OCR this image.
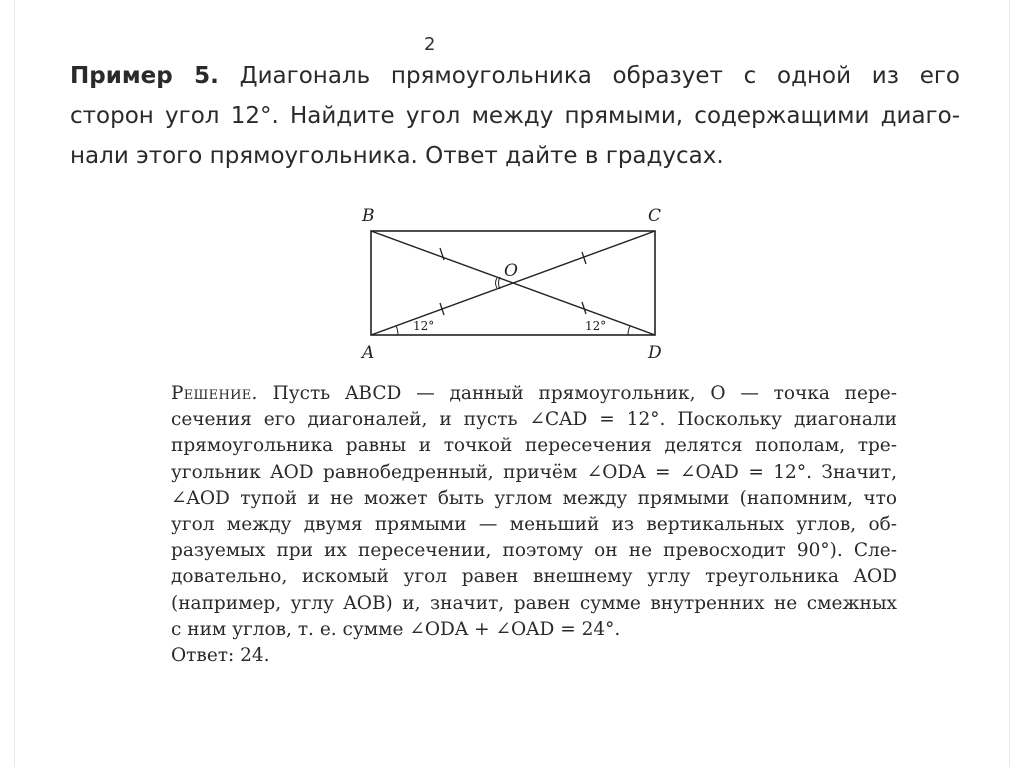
2
Пример 5. Диагональ прямоугольника образует с одной из его
сторон угол 12°. Найдите угол между прямыми, содержащими диаго-
нали этого прямоугольника. Ответ дайте в градусах.
B	C
A	D
O
12°	12°
Решение. Пусть ABCD — данный прямоугольник, O — точка пере-
сечения его диагоналей, и пусть ∠CAD = 12°. Поскольку диагонали
прямоугольника равны и точкой пересечения делятся пополам, тре-
угольник AOD равнобедренный, причём ∠ODA = ∠OAD = 12°. Значит,
∠AOD тупой и не может быть углом между прямыми (напомним, что
угол между двумя прямыми — меньший из вертикальных углов, об-
разуемых при их пересечении, поэтому он не превосходит 90°). Сле-
довательно, искомый угол равен внешнему углу треугольника AOD
(например, углу AOB) и, значит, равен сумме внутренних не смежных
с ним углов, т. е. сумме ∠ODA + ∠OAD = 24°.
Ответ: 24.
